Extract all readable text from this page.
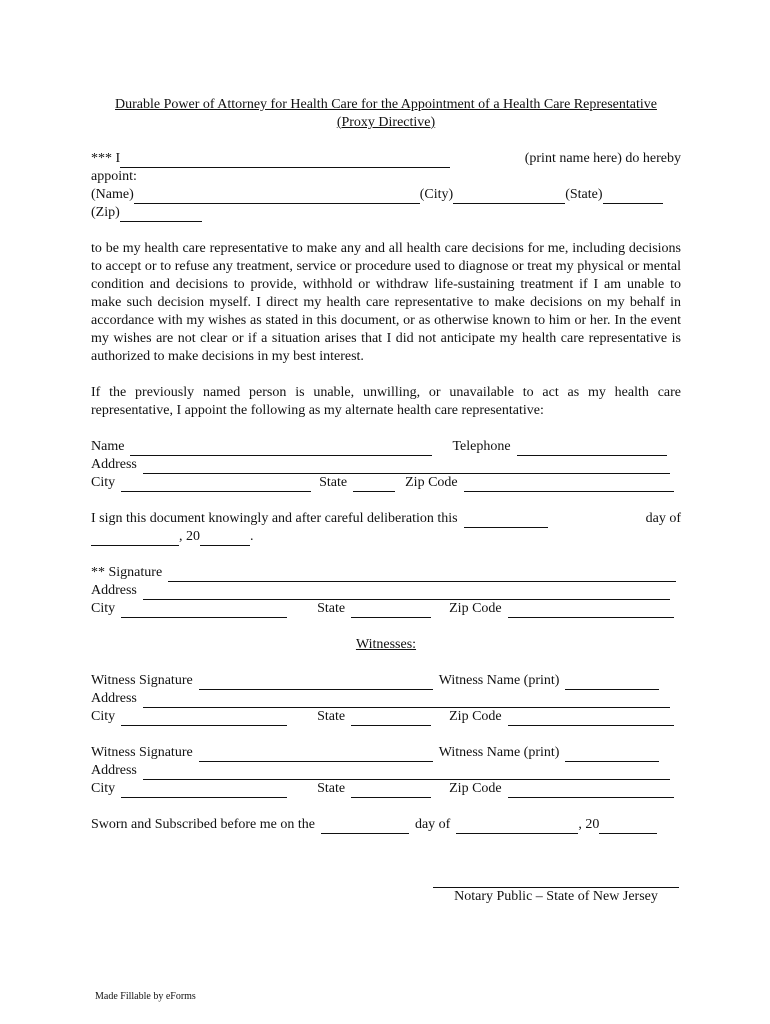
Durable Power of Attorney for Health Care for the Appointment of a Health Care Representative
(Proxy Directive)
*** I	(print name here) do hereby
appoint:
(Name)	(City)	(State)
(Zip)
to be my health care representative to make any and all health care decisions for me, including decisions to accept or to refuse any treatment, service or procedure used to diagnose or treat my physical or mental condition and decisions to provide, withhold or withdraw life-sustaining treatment if I am unable to make such decision myself. I direct my health care representative to make decisions on my behalf in accordance with my wishes as stated in this document, or as otherwise known to him or her. In the event my wishes are not clear or if a situation arises that I did not anticipate my health care representative is authorized to make decisions in my best interest.
If the previously named person is unable, unwilling, or unavailable to act as my health care representative, I appoint the following as my alternate health care representative:
Name	Telephone
Address
City	State	Zip Code
I sign this document knowingly and after careful deliberation this	day of
, 20	.
** Signature
Address
City	State	Zip Code
Witnesses:
Witness Signature	Witness Name (print)
Address
City	State	Zip Code
Witness Signature	Witness Name (print)
Address
City	State	Zip Code
Sworn and Subscribed before me on the	day of	, 20
Notary Public – State of New Jersey
Made Fillable by eForms
